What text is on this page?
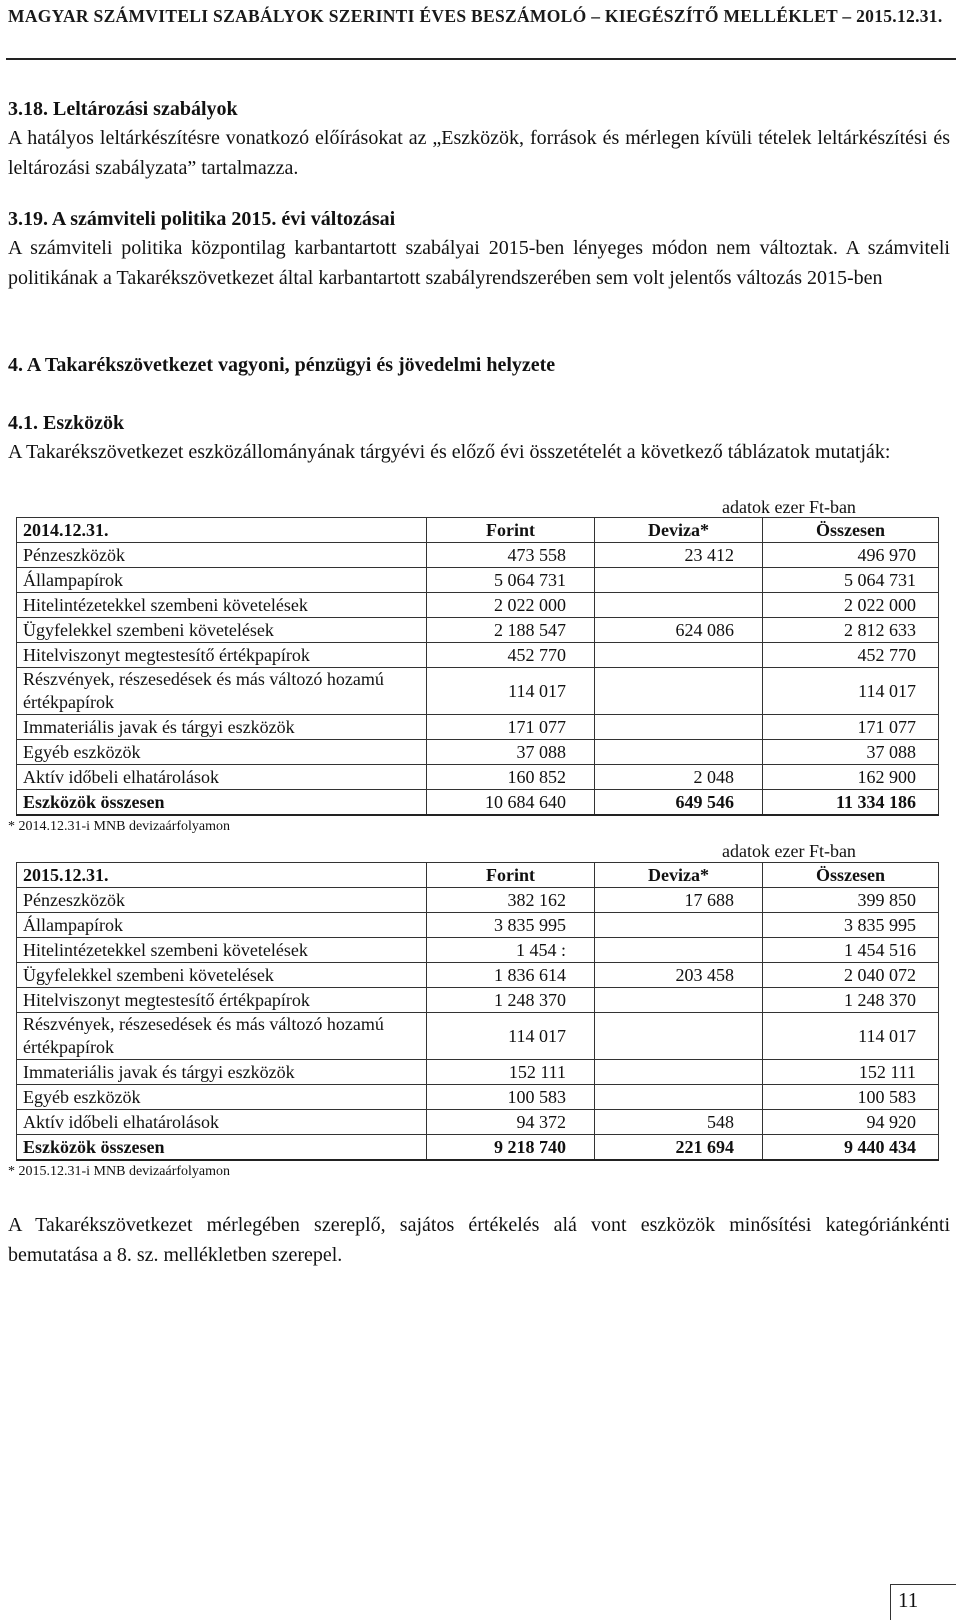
MAGYAR SZÁMVITELI SZABÁLYOK SZERINTI ÉVES BESZÁMOLÓ – KIEGÉSZÍTŐ MELLÉKLET – 2015.12.31.
3.18. Leltározási szabályok
A hatályos leltárkészítésre vonatkozó előírásokat az „Eszközök, források és mérlegen kívüli tételek leltárkészítési és leltározási szabályzata” tartalmazza.
3.19. A számviteli politika 2015. évi változásai
A számviteli politika központilag karbantartott szabályai 2015-ben lényeges módon nem változtak. A számviteli politikának a Takarékszövetkezet által karbantartott szabályrendszerében sem volt jelentős változás 2015-ben
4. A Takarékszövetkezet vagyoni, pénzügyi és jövedelmi helyzete
4.1. Eszközök
A Takarékszövetkezet eszközállományának tárgyévi és előző évi összetételét a következő táblázatok mutatják:
adatok ezer Ft-ban
2014.12.31.	Forint	Deviza*	Összesen
Pénzeszközök	473 558	23 412	496 970
Állampapírok	5 064 731		5 064 731
Hitelintézetekkel szembeni követelések	2 022 000		2 022 000
Ügyfelekkel szembeni követelések	2 188 547	624 086	2 812 633
Hitelviszonyt megtestesítő értékpapírok	452 770		452 770
Részvények, részesedések és más változó hozamú értékpapírok	114 017		114 017
Immateriális javak és tárgyi eszközök	171 077		171 077
Egyéb eszközök	37 088		37 088
Aktív időbeli elhatárolások	160 852	2 048	162 900
Eszközök összesen	10 684 640	649 546	11 334 186
* 2014.12.31-i MNB devizaárfolyamon
adatok ezer Ft-ban
2015.12.31.	Forint	Deviza*	Összesen
Pénzeszközök	382 162	17 688	399 850
Állampapírok	3 835 995		3 835 995
Hitelintézetekkel szembeni követelések	1 454 :		1 454 516
Ügyfelekkel szembeni követelések	1 836 614	203 458	2 040 072
Hitelviszonyt megtestesítő értékpapírok	1 248 370		1 248 370
Részvények, részesedések és más változó hozamú értékpapírok	114 017		114 017
Immateriális javak és tárgyi eszközök	152 111		152 111
Egyéb eszközök	100 583		100 583
Aktív időbeli elhatárolások	94 372	548	94 920
Eszközök összesen	9 218 740	221 694	9 440 434
* 2015.12.31-i MNB devizaárfolyamon
A Takarékszövetkezet mérlegében szereplő, sajátos értékelés alá vont eszközök minősítési kategóriánkénti bemutatása a 8. sz. mellékletben szerepel.
11
